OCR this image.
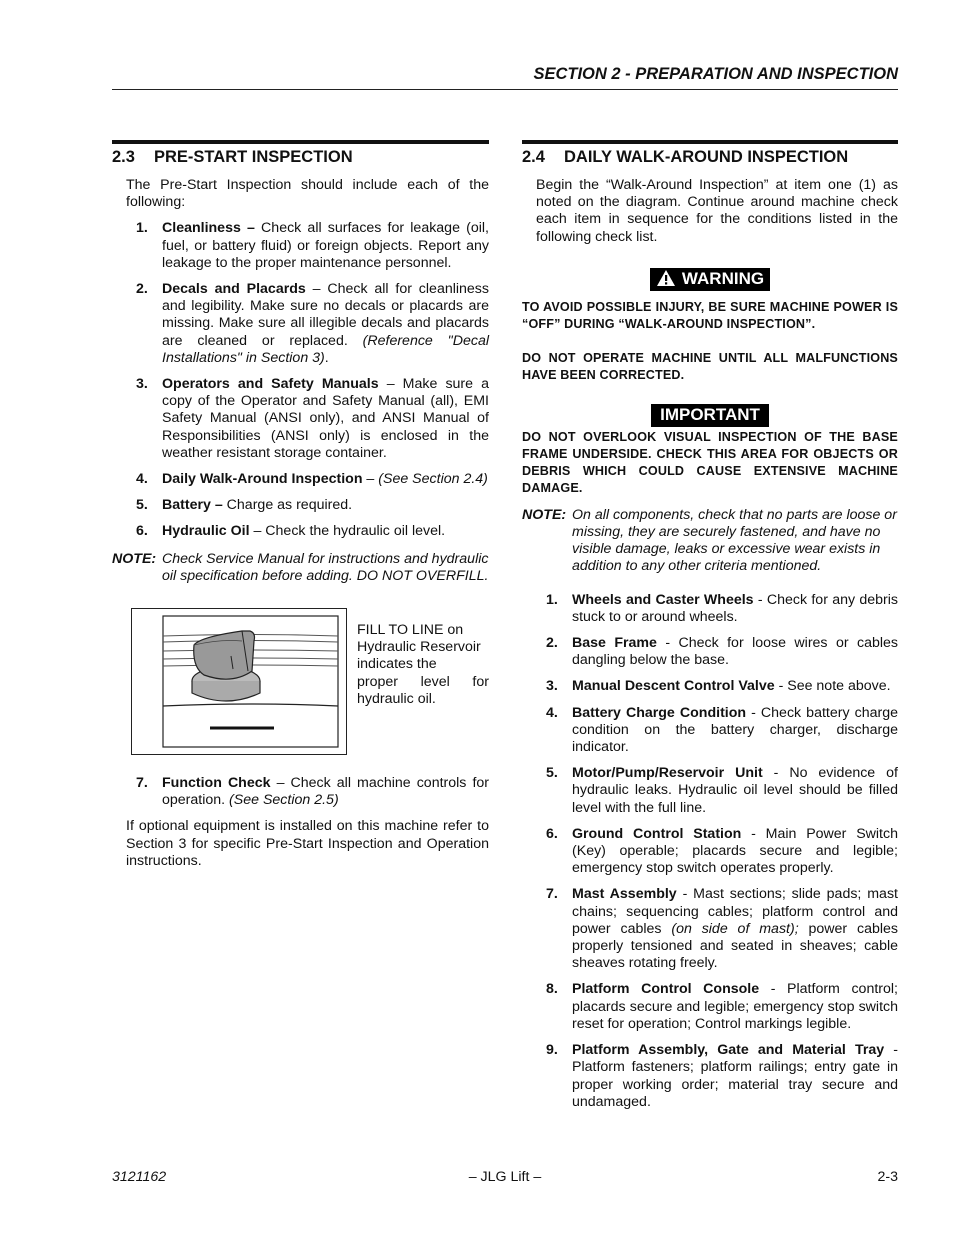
SECTION 2 - PREPARATION AND INSPECTION
2.3 PRE-START INSPECTION

The Pre-Start Inspection should include each of the following:

1. Cleanliness – Check all surfaces for leakage (oil, fuel, or battery fluid) or foreign objects. Report any leakage to the proper maintenance personnel.
2. Decals and Placards – Check all for cleanliness and legibility. Make sure no decals or placards are missing. Make sure all illegible decals and placards are cleaned or replaced. (Reference "Decal Installations" in Section 3).
3. Operators and Safety Manuals – Make sure a copy of the Operator and Safety Manual (all), EMI Safety Manual (ANSI only), and ANSI Manual of Responsibilities (ANSI only) is enclosed in the weather resistant storage container.
4. Daily Walk-Around Inspection – (See Section 2.4)
5. Battery – Charge as required.
6. Hydraulic Oil – Check the hydraulic oil level.
NOTE: Check Service Manual for instructions and hydraulic oil specification before adding. DO NOT OVERFILL.
FILL TO LINE on Hydraulic Reservoir indicates the
proper level for hydraulic oil.
7. Function Check – Check all machine controls for operation. (See Section 2.5)

If optional equipment is installed on this machine refer to Section 3 for specific Pre-Start Inspection and Operation instructions.

2.4 DAILY WALK-AROUND INSPECTION

Begin the “Walk-Around Inspection” at item one (1) as noted on the diagram. Continue around machine check each item in sequence for the conditions listed in the following check list.

WARNING
TO AVOID POSSIBLE INJURY, BE SURE MACHINE POWER IS “OFF” DURING “WALK-AROUND INSPECTION”.
DO NOT OPERATE MACHINE UNTIL ALL MALFUNCTIONS HAVE BEEN CORRECTED.
IMPORTANT
DO NOT OVERLOOK VISUAL INSPECTION OF THE BASE FRAME UNDERSIDE. CHECK THIS AREA FOR OBJECTS OR DEBRIS WHICH COULD CAUSE EXTENSIVE MACHINE DAMAGE.
NOTE: On all components, check that no parts are loose or missing, they are securely fastened, and have no visible damage, leaks or excessive wear exists in addition to any other criteria mentioned.
1. Wheels and Caster Wheels - Check for any debris stuck to or around wheels.
2. Base Frame - Check for loose wires or cables dangling below the base.
3. Manual Descent Control Valve - See note above.
4. Battery Charge Condition - Check battery charge condition on the battery charger, discharge indicator.
5. Motor/Pump/Reservoir Unit - No evidence of hydraulic leaks. Hydraulic oil level should be filled level with the full line.
6. Ground Control Station - Main Power Switch (Key) operable; placards secure and legible; emergency stop switch operates properly.
7. Mast Assembly - Mast sections; slide pads; mast chains; sequencing cables; platform control and power cables (on side of mast); power cables properly tensioned and seated in sheaves; cable sheaves rotating freely.
8. Platform Control Console - Platform control; placards secure and legible; emergency stop switch reset for operation; Control markings legible.
9. Platform Assembly, Gate and Material Tray - Platform fasteners; platform railings; entry gate in proper working order; material tray secure and undamaged.
3121162	– JLG Lift –	2-3
